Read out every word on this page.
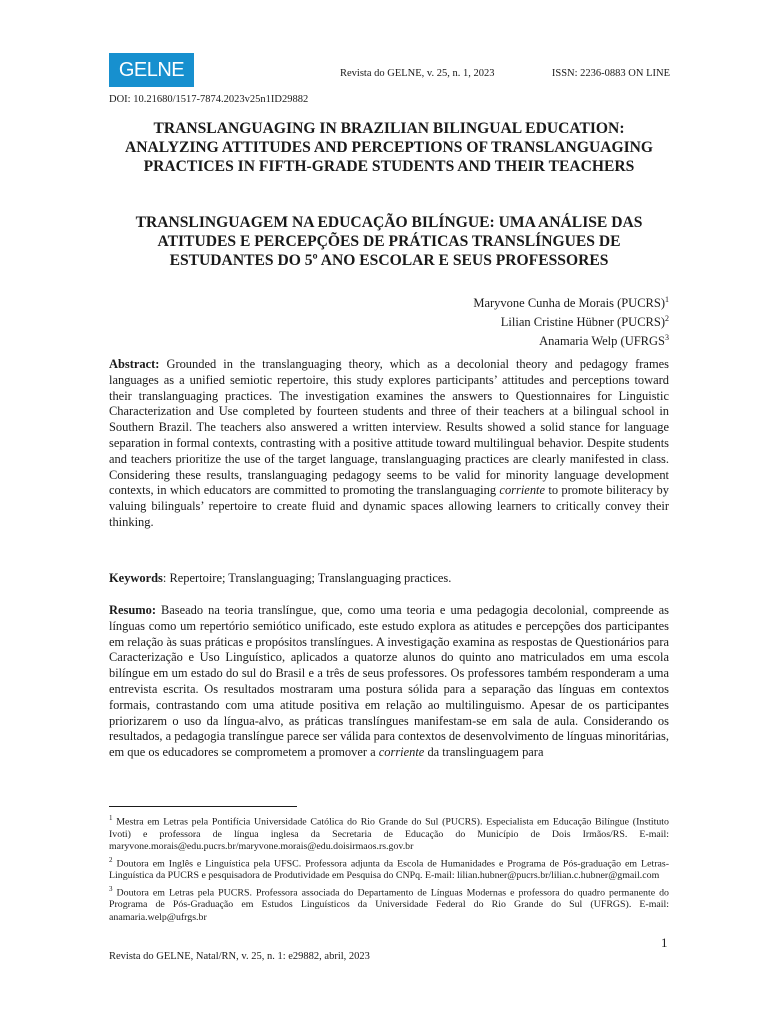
GELNE	Revista do GELNE, v. 25, n. 1, 2023	ISSN: 2236-0883 ON LINE
DOI: 10.21680/1517-7874.2023v25n1ID29882
TRANSLANGUAGING IN BRAZILIAN BILINGUAL EDUCATION: ANALYZING ATTITUDES AND PERCEPTIONS OF TRANSLANGUAGING PRACTICES IN FIFTH-GRADE STUDENTS AND THEIR TEACHERS
TRANSLINGUAGEM NA EDUCAÇÃO BILÍNGUE: UMA ANÁLISE DAS ATITUDES E PERCEPÇÕES DE PRÁTICAS TRANSLÍNGUES DE ESTUDANTES DO 5º ANO ESCOLAR E SEUS PROFESSORES
Maryvone Cunha de Morais (PUCRS)$^1$
Lilian Cristine Hübner (PUCRS)$^2$
Anamaria Welp (UFRGS$^3$
Abstract: Grounded in the translanguaging theory, which as a decolonial theory and pedagogy frames languages as a unified semiotic repertoire, this study explores participants’ attitudes and perceptions toward their translanguaging practices. The investigation examines the answers to Questionnaires for Linguistic Characterization and Use completed by fourteen students and three of their teachers at a bilingual school in Southern Brazil. The teachers also answered a written interview. Results showed a solid stance for language separation in formal contexts, contrasting with a positive attitude toward multilingual behavior. Despite students and teachers prioritize the use of the target language, translanguaging practices are clearly manifested in class. Considering these results, translanguaging pedagogy seems to be valid for minority language development contexts, in which educators are committed to promoting the translanguaging corriente to promote biliteracy by valuing bilinguals’ repertoire to create fluid and dynamic spaces allowing learners to critically convey their thinking.
Keywords: Repertoire; Translanguaging; Translanguaging practices.
Resumo: Baseado na teoria translíngue, que, como uma teoria e uma pedagogia decolonial, compreende as línguas como um repertório semiótico unificado, este estudo explora as atitudes e percepções dos participantes em relação às suas práticas e propósitos translíngues. A investigação examina as respostas de Questionários para Caracterização e Uso Linguístico, aplicados a quatorze alunos do quinto ano matriculados em uma escola bilíngue em um estado do sul do Brasil e a três de seus professores. Os professores também responderam a uma entrevista escrita. Os resultados mostraram uma postura sólida para a separação das línguas em contextos formais, contrastando com uma atitude positiva em relação ao multilinguismo. Apesar de os participantes priorizarem o uso da língua-alvo, as práticas translíngues manifestam-se em sala de aula. Considerando os resultados, a pedagogia translíngue parece ser válida para contextos de desenvolvimento de línguas minoritárias, em que os educadores se comprometem a promover a corriente da translinguagem para
$^1$ Mestra em Letras pela Pontifícia Universidade Católica do Rio Grande do Sul (PUCRS). Especialista em Educação Bilíngue (Instituto Ivoti) e professora de língua inglesa da Secretaria de Educação do Município de Dois Irmãos/RS. E-mail: maryvone.morais@edu.pucrs.br/maryvone.morais@edu.doisirmaos.rs.gov.br
$^2$ Doutora em Inglês e Linguística pela UFSC. Professora adjunta da Escola de Humanidades e Programa de Pós-graduação em Letras-Linguística da PUCRS e pesquisadora de Produtividade em Pesquisa do CNPq. E-mail: lilian.hubner@pucrs.br/lilian.c.hubner@gmail.com
$^3$ Doutora em Letras pela PUCRS. Professora associada do Departamento de Línguas Modernas e professora do quadro permanente do Programa de Pós-Graduação em Estudos Linguísticos da Universidade Federal do Rio Grande do Sul (UFRGS). E-mail: anamaria.welp@ufrgs.br
1
Revista do GELNE, Natal/RN, v. 25, n. 1: e29882, abril, 2023
